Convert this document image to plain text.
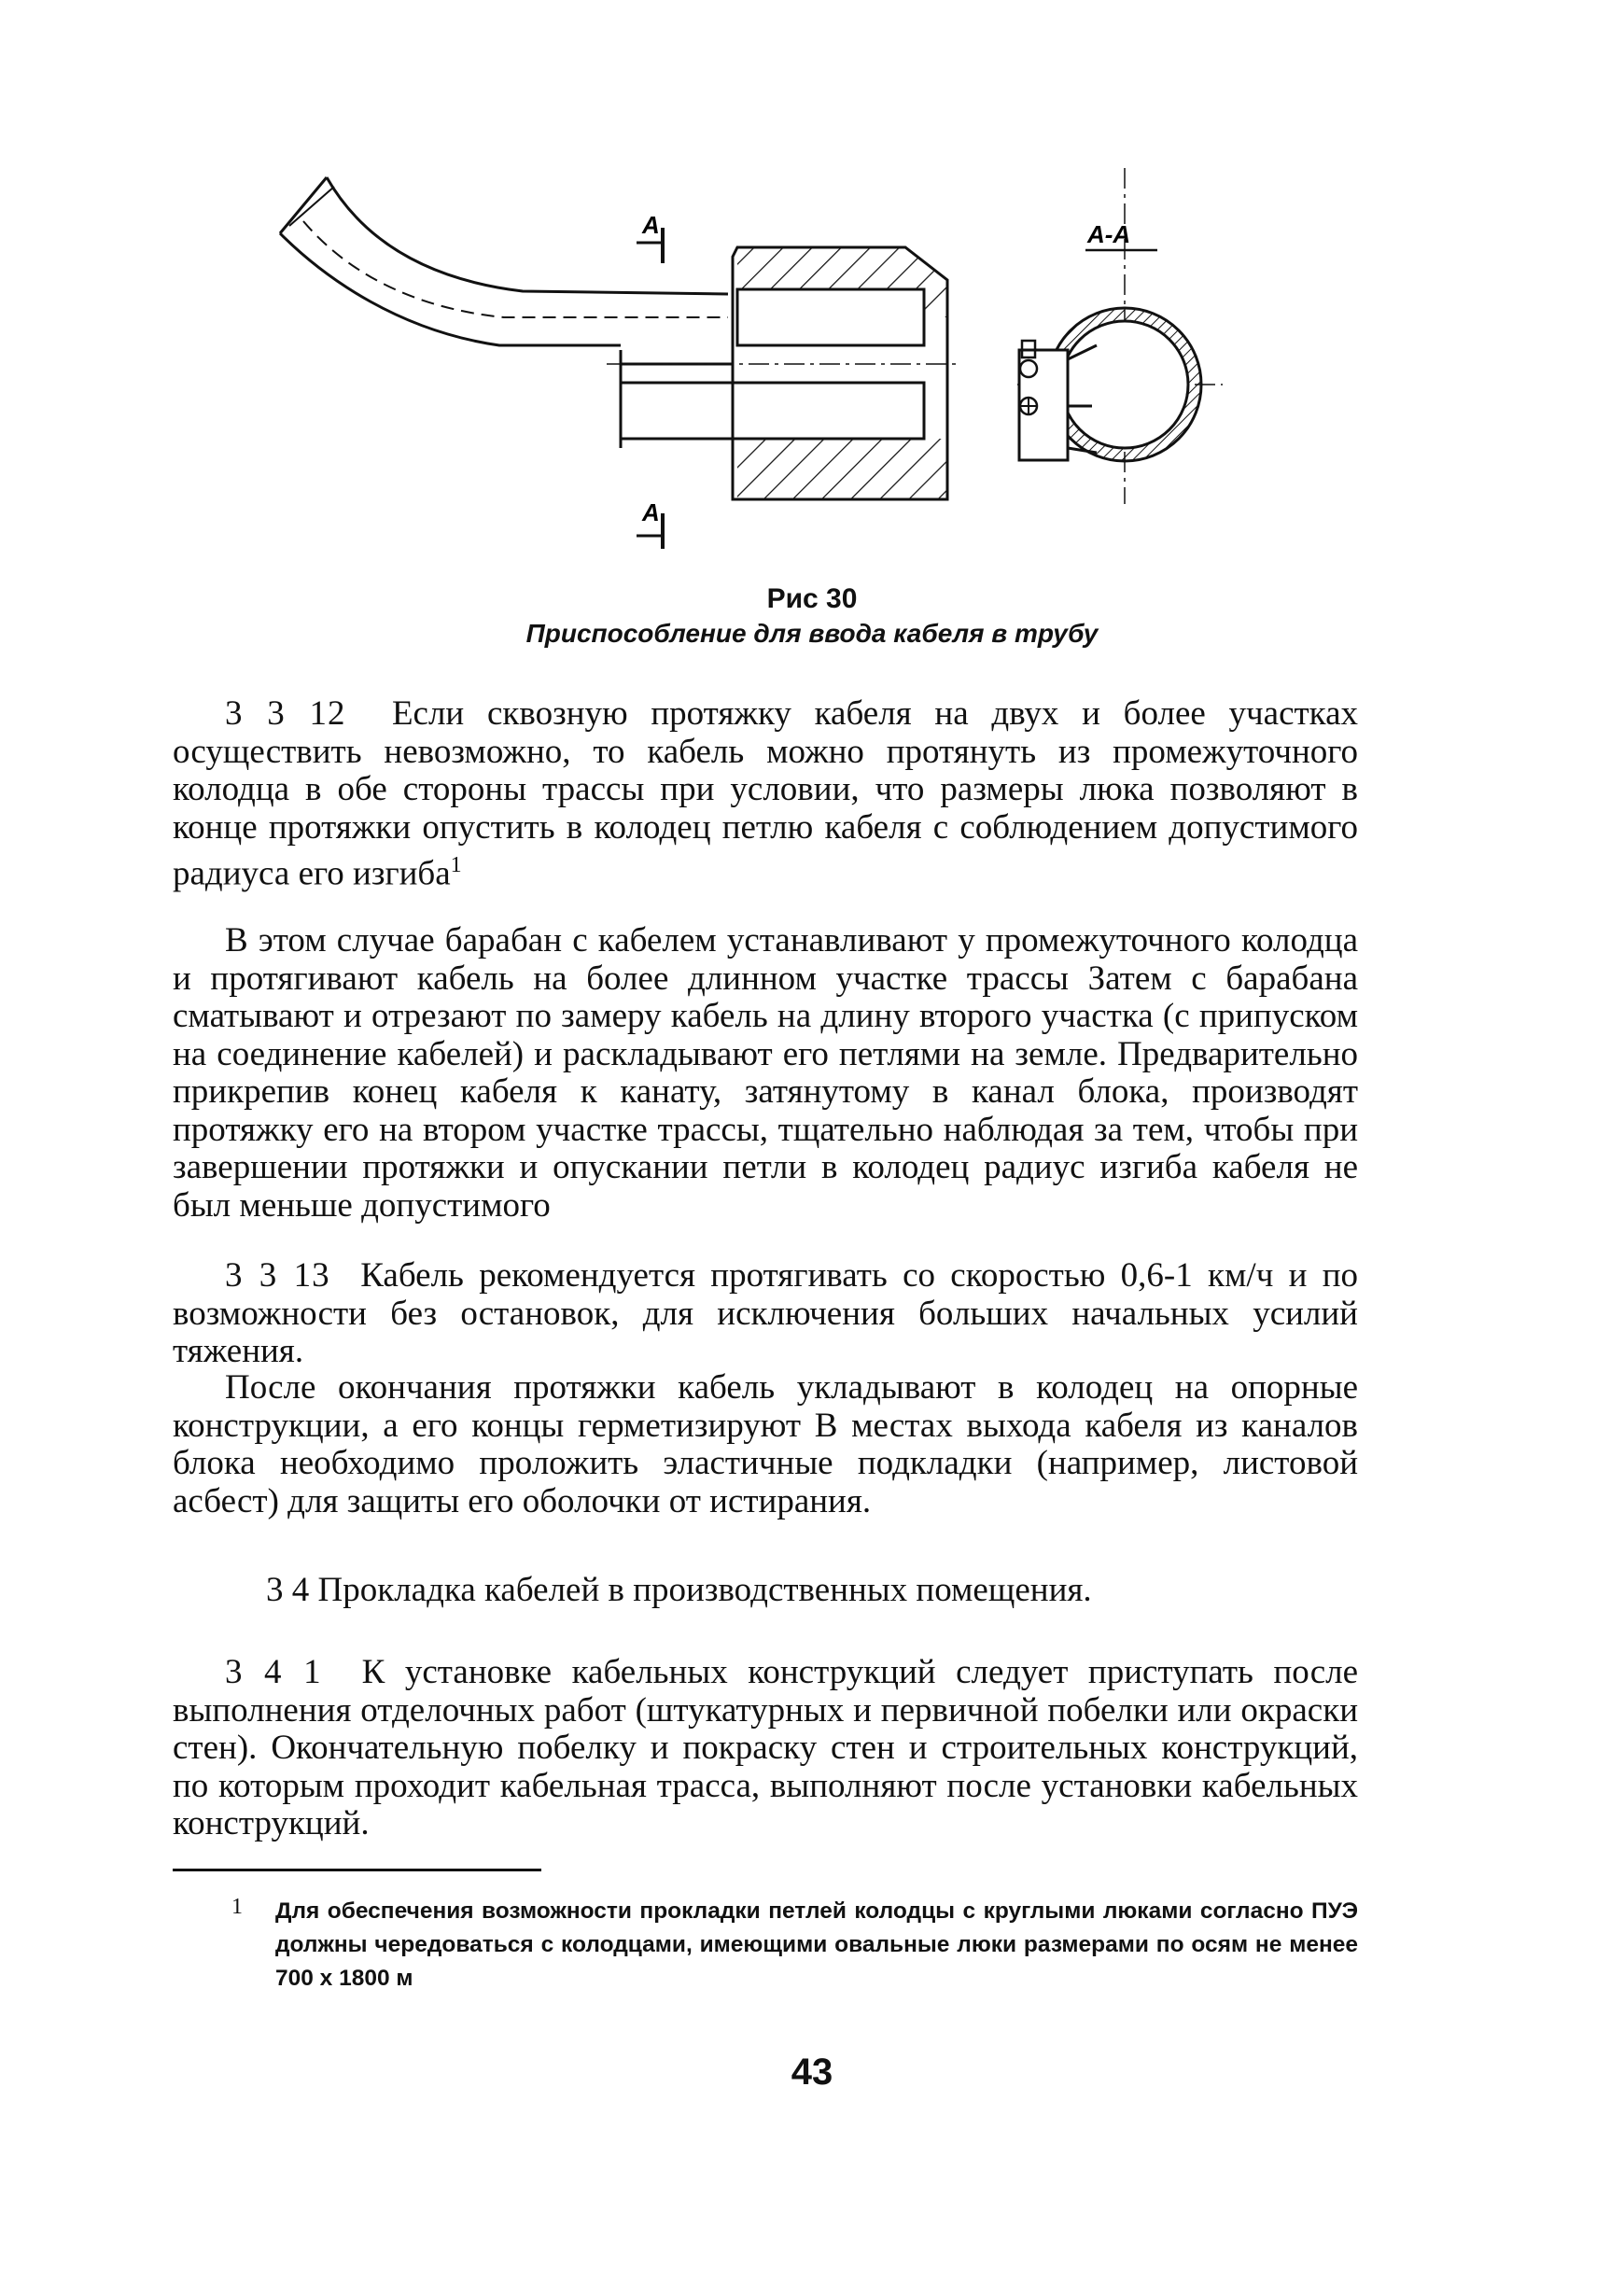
A
A
A-A
Рис 30
Приспособление для ввода кабеля в трубу

3 3 12 Если сквозную протяжку кабеля на двух и более участках осуществить невозможно, то кабель можно протянуть из промежуточного колодца в обе стороны трассы при условии, что размеры люка позволяют в конце протяжки опустить в колодец петлю кабеля с соблюдением допустимого радиуса его изгиба$^1$

В этом случае барабан с кабелем устанавливают у промежуточного колодца и протягивают кабель на более длинном участке трассы Затем с барабана сматывают и отрезают по замеру кабель на длину второго участка (с припуском на соединение кабелей) и раскладывают его петлями на земле. Предварительно прикрепив конец кабеля к канату, затянутому в канал блока, производят протяжку его на втором участке трассы, тщательно наблюдая за тем, чтобы при завершении протяжки и опускании петли в колодец радиус изгиба кабеля не был меньше допустимого

3 3 13 Кабель рекомендуется протягивать со скоростью 0,6-1 км/ч и по возможности без остановок, для исключения больших начальных усилий тяжения.

После окончания протяжки кабель укладывают в колодец на опорные конструкции, а его концы герметизируют В местах выхода кабеля из каналов блока необходимо проложить эластичные подкладки (например, листовой асбест) для защиты его оболочки от истирания.

3 4 Прокладка кабелей в производственных помещения.

3 4 1 К установке кабельных конструкций следует приступать после выполнения отделочных работ (штукатурных и первичной побелки или окраски стен). Окончательную побелку и покраску стен и строительных конструкций, по которым проходит кабельная трасса, выполняют после установки кабельных конструкций.

1 Для обеспечения возможности прокладки петлей колодцы с круглыми люками согласно ПУЭ должны чередоваться с колодцами, имеющими овальные люки размерами по осям не менее 700 х 1800 м

43
